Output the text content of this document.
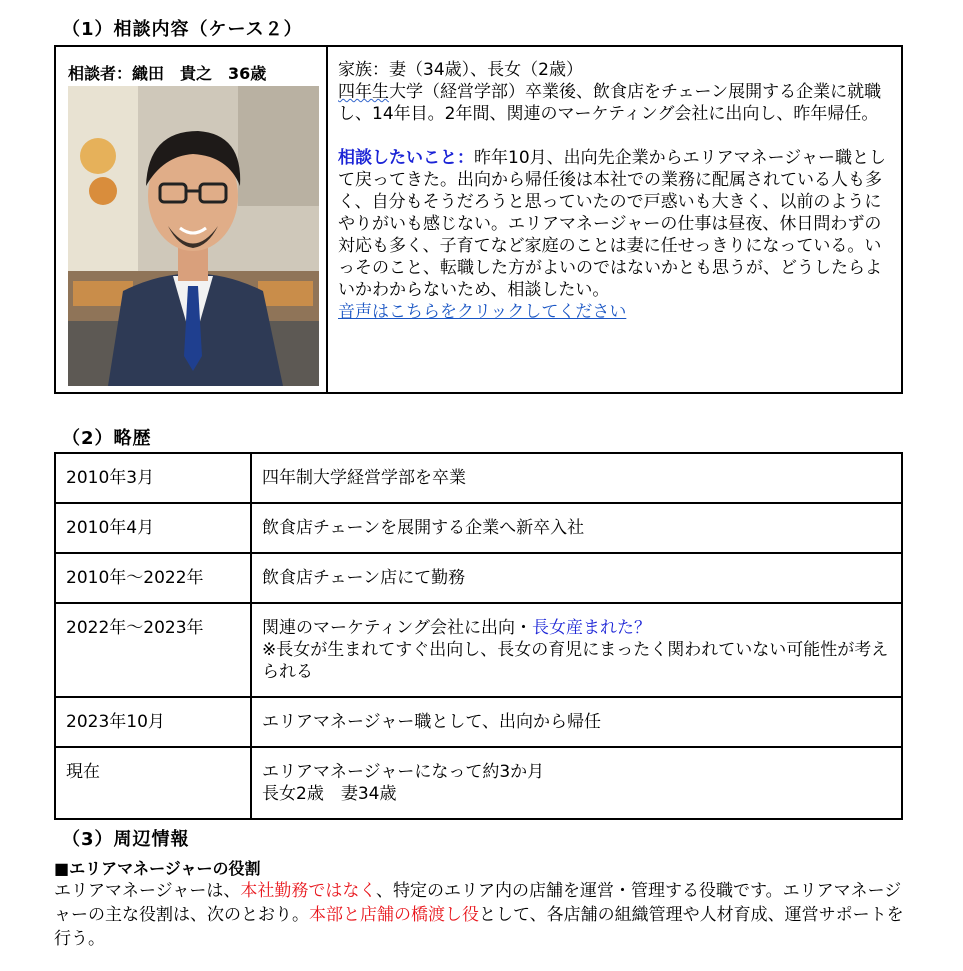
（1）相談内容（ケース２）
相談者：織田　貴之　36歳	家族：妻（34歳）、長女（2歳）

四年生大学（経営学部）卒業後、飲食店をチェーン展開する企業に就職し、14年目。2年間、関連のマーケティング会社に出向し、昨年帰任。

相談したいこと：昨年10月、出向先企業からエリアマネージャー職として戻ってきた。出向から帰任後は本社での業務に配属されている人も多く、自分もそうだろうと思っていたので戸惑いも大きく、以前のようにやりがいも感じない。エリアマネージャーの仕事は昼夜、休日問わずの対応も多く、子育てなど家庭のことは妻に任せっきりになっている。いっそのこと、転職した方がよいのではないかとも思うが、どうしたらよいかわからないため、相談したい。

音声はこちらをクリックしてください

（2）略歴
2010年3月	四年制大学経営学部を卒業
2010年4月	飲食店チェーンを展開する企業へ新卒入社
2010年～2022年	飲食店チェーン店にて勤務
2022年～2023年	関連のマーケティング会社に出向・長女産まれた？
※長女が生まれてすぐ出向し、長女の育児にまったく関われていない可能性が考えられる
2023年10月	エリアマネージャー職として、出向から帰任
現在	エリアマネージャーになって約3か月
長女2歳　妻34歳
（3）周辺情報
■エリアマネージャーの役割
エリアマネージャーは、本社勤務ではなく、特定のエリア内の店舗を運営・管理する役職です。エリアマネージャーの主な役割は、次のとおり。本部と店舗の橋渡し役として、各店舗の組織管理や人材育成、運営サポートを行う。
